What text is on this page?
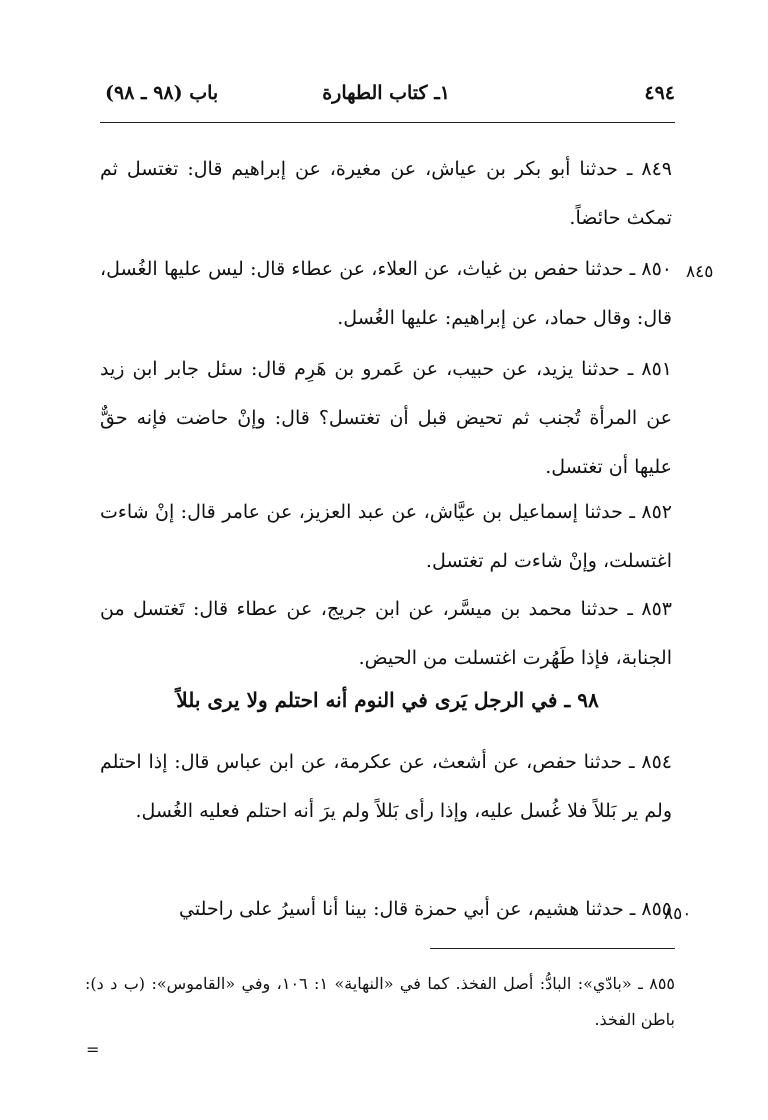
٤٩٤
١ـ كتاب الطهارة
باب (٩٨ ـ ٩٨)
٨٤٩ ـ حدثنا أبو بكر بن عياش، عن مغيرة، عن إبراهيم قال: تغتسل ثم تمكث حائضاً.
٨٥٠ ـ حدثنا حفص بن غياث، عن العلاء، عن عطاء قال: ليس عليها الغُسل، قال: وقال حماد، عن إبراهيم: عليها الغُسل.
٨٤٥
٨٥١ ـ حدثنا يزيد، عن حبيب، عن عَمرو بن هَرِم قال: سئل جابر ابن زيد عن المرأة تُجنب ثم تحيض قبل أن تغتسل؟ قال: وإنْ حاضت فإنه حقٌّ عليها أن تغتسل.
٨٥٢ ـ حدثنا إسماعيل بن عيَّاش، عن عبد العزيز، عن عامر قال: إنْ شاءت اغتسلت، وإنْ شاءت لم تغتسل.
٨٥٣ ـ حدثنا محمد بن ميسَّر، عن ابن جريج، عن عطاء قال: تَغتسل من الجنابة، فإذا طَهُرت اغتسلت من الحيض.
٩٨ ـ في الرجل يَرى في النوم أنه احتلم ولا يرى بللاً
٨٥٤ ـ حدثنا حفص، عن أشعث، عن عكرمة، عن ابن عباس قال: إذا احتلم ولم ير بَللاً فلا غُسل عليه، وإذا رأى بَللاً ولم يرَ أنه احتلم فعليه الغُسل.
٨٥٥ ـ حدثنا هشيم، عن أبي حمزة قال: بينا أنا أسيرُ على راحلتي
٨٥٠
٨٥٥ ـ «بادّي»: البادُّ: أصل الفخذ. كما في «النهاية» ١: ١٠٦، وفي «القاموس»: (ب د د): باطن الفخذ.
=
